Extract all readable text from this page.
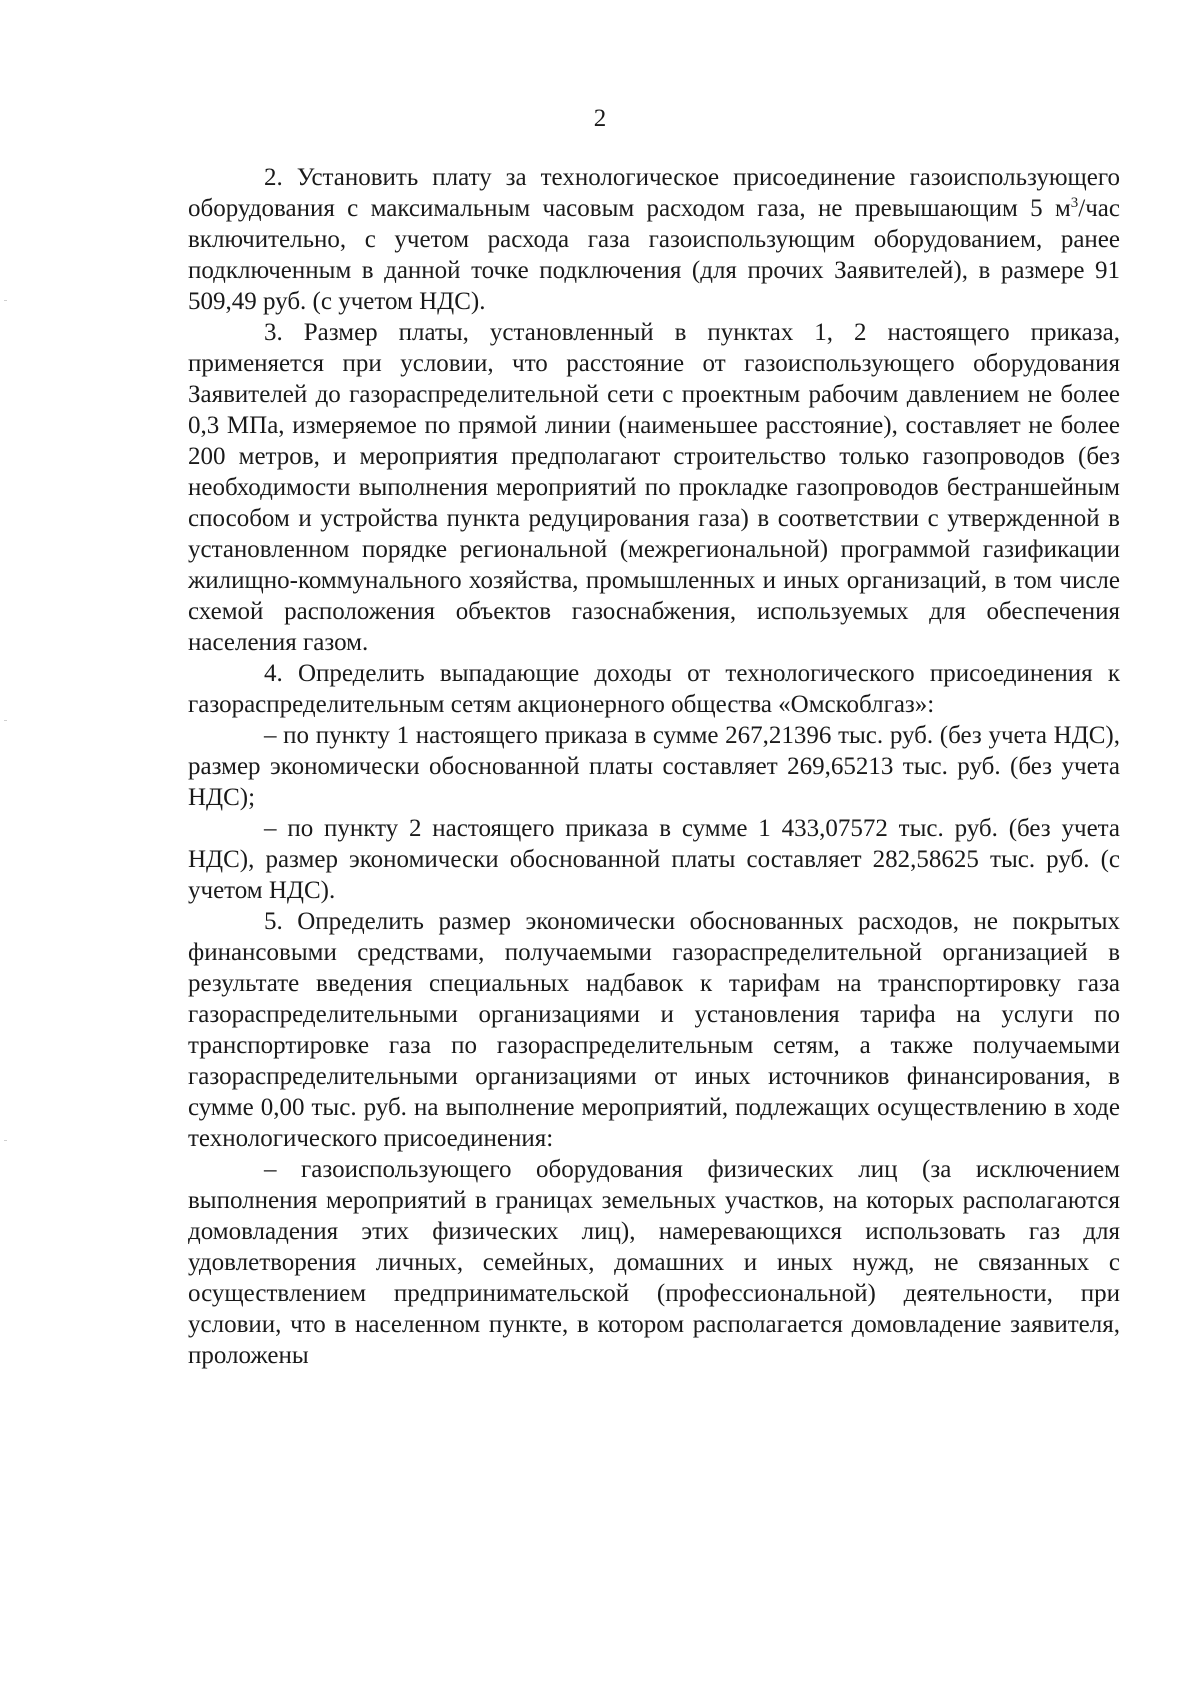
2

2. Установить плату за технологическое присоединение газоиспользующего оборудования с максимальным часовым расходом газа, не превышающим 5 $м^3$/час включительно, с учетом расхода газа газоиспользующим оборудованием, ранее подключенным в данной точке подключения (для прочих Заявителей), в размере 91 509,49 руб. (с учетом НДС).

3. Размер платы, установленный в пунктах 1, 2 настоящего приказа, применяется при условии, что расстояние от газоиспользующего оборудования Заявителей до газораспределительной сети с проектным рабочим давлением не более 0,3 МПа, измеряемое по прямой линии (наименьшее расстояние), составляет не более 200 метров, и мероприятия предполагают строительство только газопроводов (без необходимости выполнения мероприятий по прокладке газопроводов бестраншейным способом и устройства пункта редуцирования газа) в соответствии с утвержденной в установленном порядке региональной (межрегиональной) программой газификации жилищно-коммунального хозяйства, промышленных и иных организаций, в том числе схемой расположения объектов газоснабжения, используемых для обеспечения населения газом.

4. Определить выпадающие доходы от технологического присоединения к газораспределительным сетям акционерного общества «Омскоблгаз»:

– по пункту 1 настоящего приказа в сумме 267,21396 тыс. руб. (без учета НДС), размер экономически обоснованной платы составляет 269,65213 тыс. руб. (без учета НДС);

– по пункту 2 настоящего приказа в сумме 1 433,07572 тыс. руб. (без учета НДС), размер экономически обоснованной платы составляет 282,58625 тыс. руб. (с учетом НДС).

5. Определить размер экономически обоснованных расходов, не покрытых финансовыми средствами, получаемыми газораспределительной организацией в результате введения специальных надбавок к тарифам на транспортировку газа газораспределительными организациями и установления тарифа на услуги по транспортировке газа по газораспределительным сетям, а также получаемыми газораспределительными организациями от иных источников финансирования, в сумме 0,00 тыс. руб. на выполнение мероприятий, подлежащих осуществлению в ходе технологического присоединения:

– газоиспользующего оборудования физических лиц (за исключением выполнения мероприятий в границах земельных участков, на которых располагаются домовладения этих физических лиц), намеревающихся использовать газ для удовлетворения личных, семейных, домашних и иных нужд, не связанных с осуществлением предпринимательской (профессиональной) деятельности, при условии, что в населенном пункте, в котором располагается домовладение заявителя, проложены
